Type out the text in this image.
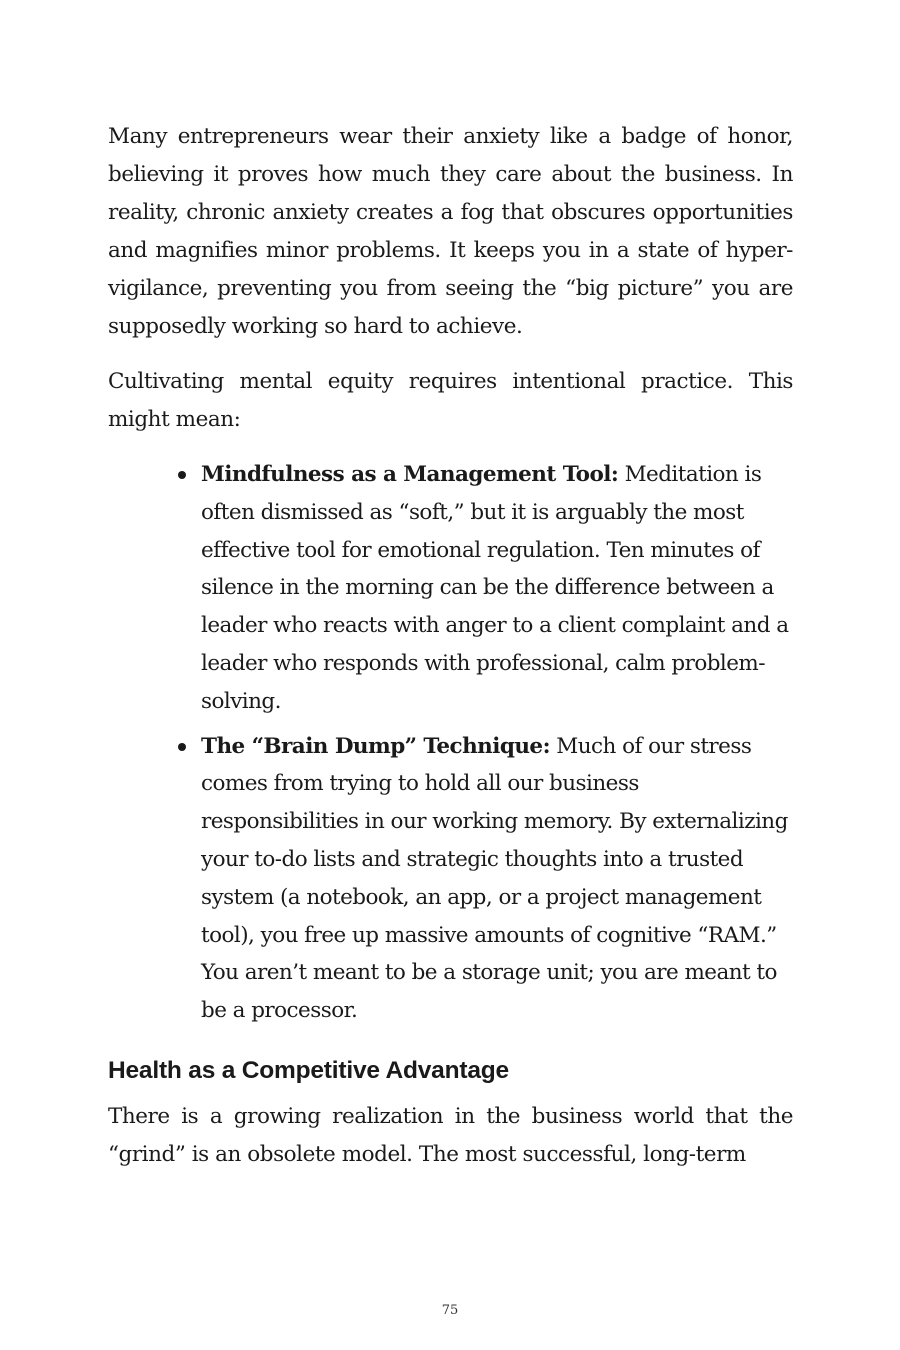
Many entrepreneurs wear their anxiety like a badge of honor, believing it proves how much they care about the business. In reality, chronic anxiety creates a fog that obscures opportunities and magnifies minor problems. It keeps you in a state of hyper-vigilance, preventing you from seeing the “big picture” you are supposedly working so hard to achieve.

Cultivating mental equity requires intentional practice. This might mean:

Mindfulness as a Management Tool: Meditation is often dismissed as “soft,” but it is arguably the most effective tool for emotional regulation. Ten minutes of silence in the morning can be the difference between a leader who reacts with anger to a client complaint and a leader who responds with professional, calm problem-solving.
The “Brain Dump” Technique: Much of our stress comes from trying to hold all our business responsibilities in our working memory. By externalizing your to-do lists and strategic thoughts into a trusted system (a notebook, an app, or a project management tool), you free up massive amounts of cognitive “RAM.” You aren’t meant to be a storage unit; you are meant to be a processor.
Health as a Competitive Advantage

There is a growing realization in the business world that the “grind” is an obsolete model. The most successful, long-term

75
